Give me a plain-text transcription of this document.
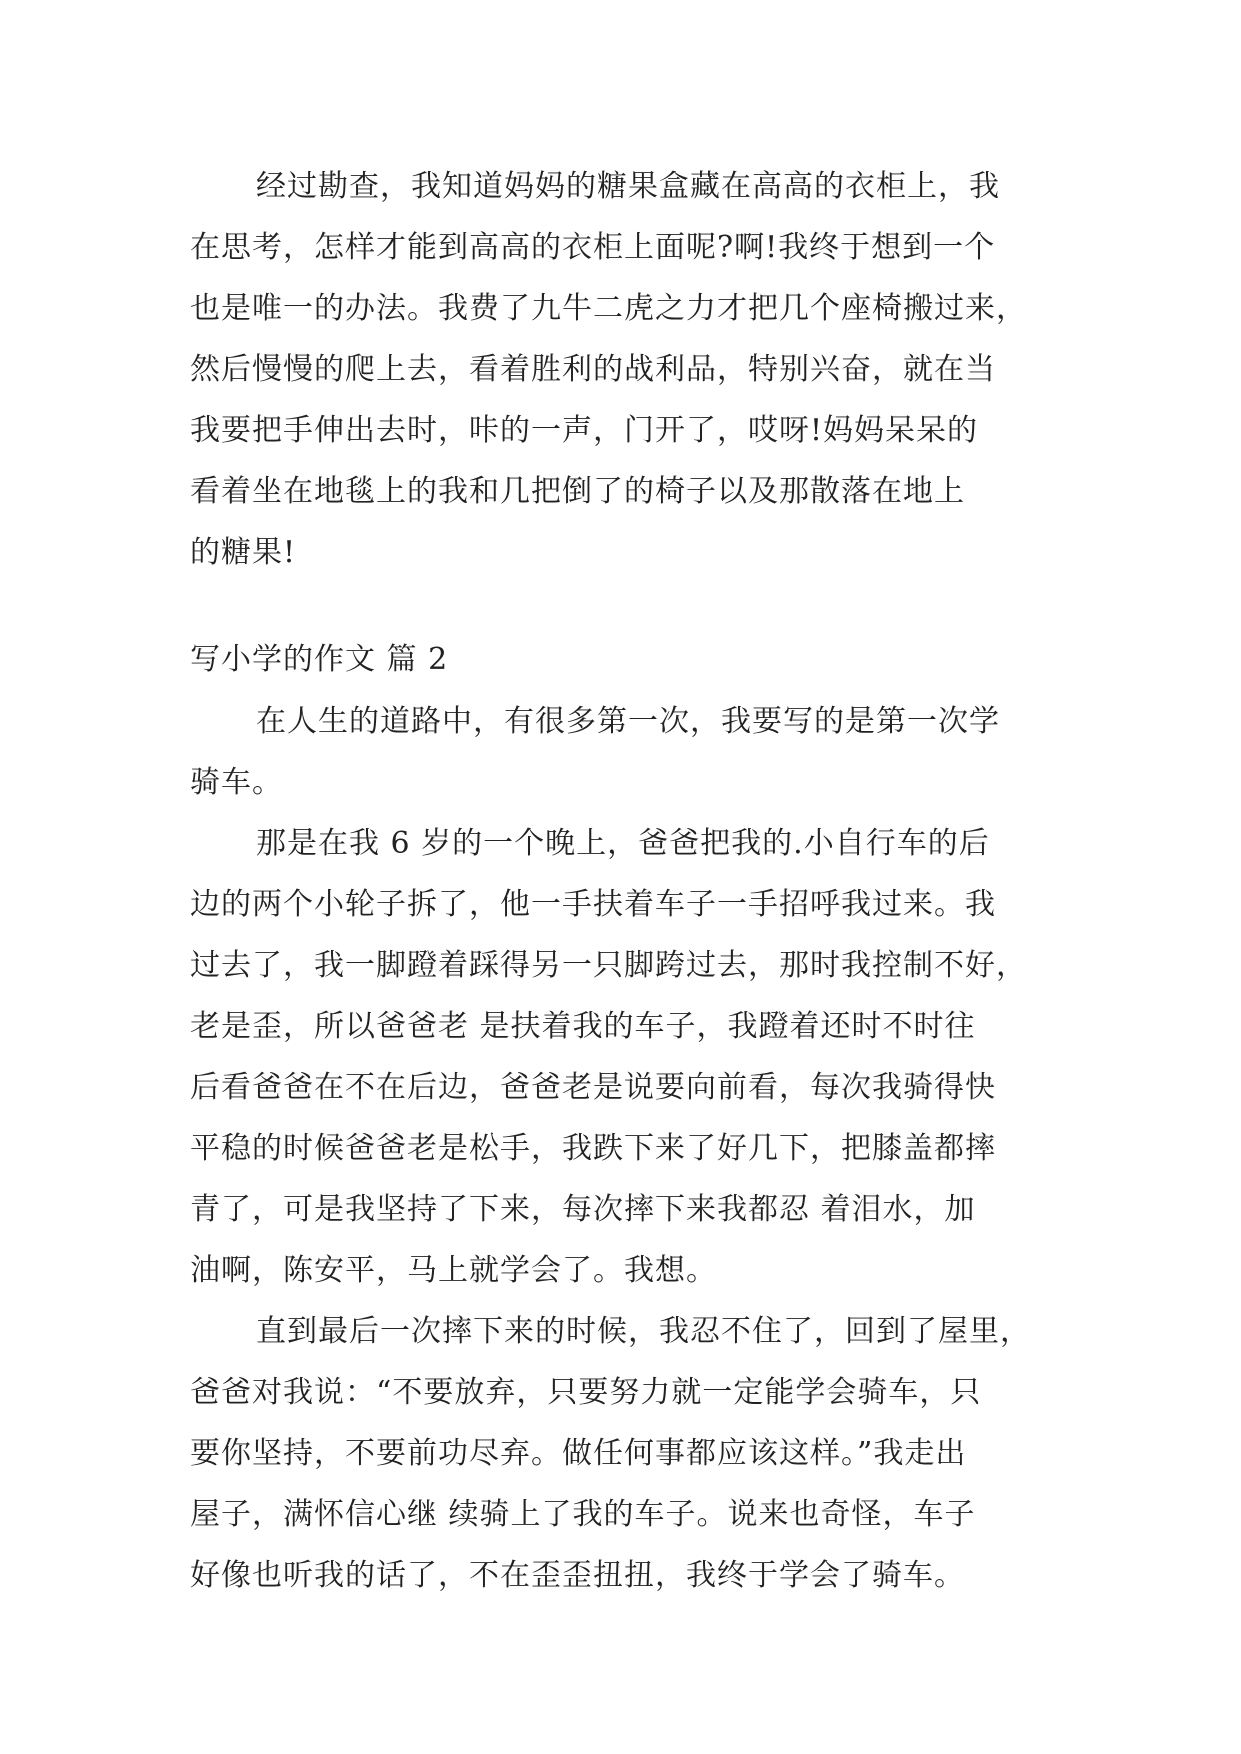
经过勘查，我知道妈妈的糖果盒藏在高高的衣柜上，我
在思考，怎样才能到高高的衣柜上面呢?啊!我终于想到一个
也是唯一的办法。我费了九牛二虎之力才把几个座椅搬过来，
然后慢慢的爬上去，看着胜利的战利品，特别兴奋，就在当
我要把手伸出去时，咔的一声，门开了，哎呀!妈妈呆呆的
看着坐在地毯上的我和几把倒了的椅子以及那散落在地上
的糖果!
写小学的作文 篇 2
在人生的道路中，有很多第一次，我要写的是第一次学
骑车。
那是在我 6 岁的一个晚上，爸爸把我的.小自行车的后
边的两个小轮子拆了，他一手扶着车子一手招呼我过来。我
过去了，我一脚蹬着踩得另一只脚跨过去，那时我控制不好，
老是歪，所以爸爸老 是扶着我的车子，我蹬着还时不时往
后看爸爸在不在后边，爸爸老是说要向前看，每次我骑得快
平稳的时候爸爸老是松手，我跌下来了好几下，把膝盖都摔
青了，可是我坚持了下来，每次摔下来我都忍 着泪水，加
油啊，陈安平，马上就学会了。我想。
直到最后一次摔下来的时候，我忍不住了，回到了屋里，
爸爸对我说：“不要放弃，只要努力就一定能学会骑车，只
要你坚持，不要前功尽弃。做任何事都应该这样。”我走出
屋子，满怀信心继 续骑上了我的车子。说来也奇怪，车子
好像也听我的话了，不在歪歪扭扭，我终于学会了骑车。
